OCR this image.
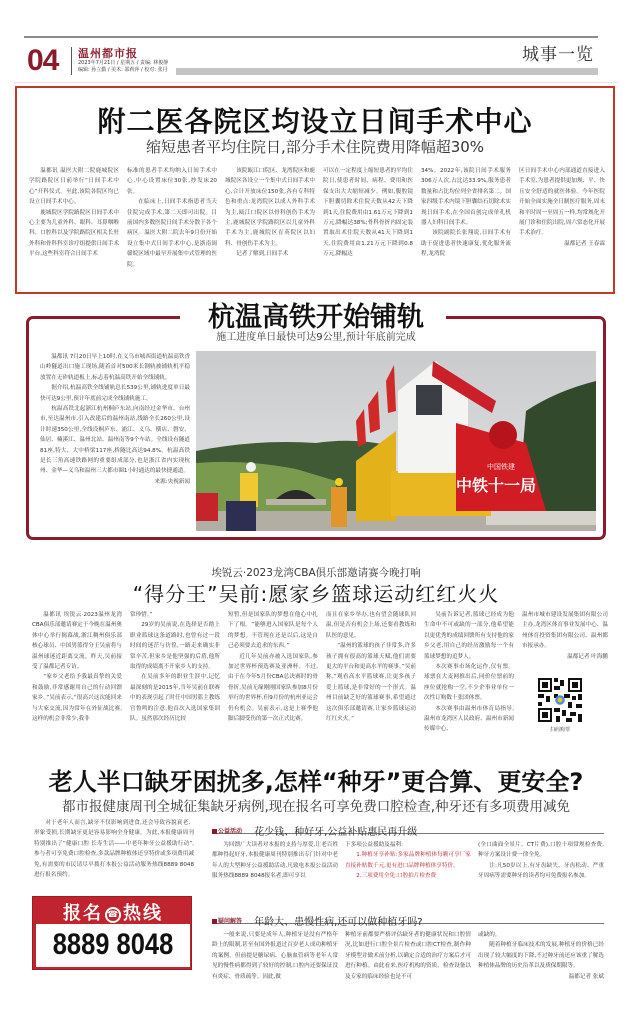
04 温州都市报
2023年7月21日 / 星期五 / 责编: 林俊静
编辑: 孙立勤 / 美术: 邵莉萍 / 校对: 张丹
城事一览
附二医各院区均设立日间手术中心
缩短患者平均住院日,部分手术住院费用降幅超30%

温都讯 温医大附二院鹿城院区学院路院区日前举行“日间手术中心”开科仪式。至此,该院各院区均已设立日间手术中心。

鹿城院区学院路院区日间手术中心主要为儿童外科、眼科、耳鼻咽喉科、口腔科以及学院路院区相关长驻外科和骨科科室诊疗组提供日间手术平台,这些科室符合日间手术

标准的患者手术均纳入日间手术中心,中心设置床位30张,抄发床20张。

在临床上,日间手术指患者当天住院完成手术,第二天即可出院。目前国内多数医院日间手术分散于各个病区。温医大附二院去年9月份开始设立集中式日间手术中心,是浙南闽赣皖区域中最早开展集中式管理的医院。

该院瓯江口院区、龙湾院区和鹿城院区各设立一个集中式日间手术中心,合计开放床位150张,各有专科特色和重点:龙湾院区以成人外科手术为主,瓯江口院区以骨科创伤手术为主,鹿城院区学院路院区以儿童外科手术为主,鹿城院区育英院区以妇科、骨创伤手术为主。

记者了解到,日间手术

可以在一定程度上缩短患者的平均住院日,使患者时间、病程、费用和医保支出大大缩短减少。例如,腹腔镜下胆囊切除术住院天数从42天下降到1天,住院费用由1.61万元下降到1万元,降幅达38%;骨科骨折内固定装置取出术住院天数从41天下降到1天,住院费用由1.21万元下降到0.8万元,降幅达

34%。2022年,该院日间手术服务306万人次,占比达33.9%,服务患者数量和占比均位列全省排名第二。国家四级手术内镜下胆囊结石切除术实现日间手术,在全国首创完成单孔机器人妇科日间手术。

该院副院长张翔说,日间手术有助于促进患者快速康复,优化服务流程,龙湾院

区日间手术中心内部通道直接进入手术室,为患者提供更加规、平、快且安全舒适的就医体验。今年医院开始全面实施全日制医疗服务,周末和平时周一至周五一样,均常规化开展门诊和住院出院,周六常态化开展手术治疗。

温都记者 王春霖

杭温高铁开始铺轨
施工进度单日最快可达9公里,预计年底前完成

温都讯 7月20日早上10时,在义乌市城西街道杭温高铁香山岭隧道出口施工现场,随着首对500米长钢轨被铺轨机平稳放置在无砟轨道板上,标志着杭温高铁开始全线铺轨。

据介绍,杭温高铁全线铺轨总长539公里,铺轨进度单日最快可达9公里,预计年底前完成全线铺轨施工。

杭温高铁北起浙江杭州桐庐东站,向南经过金华市、台州市,至达温州市,引入改建后的温州南站,线路全长260公里,设计时速350公里,全线设桐庐东、浦江、义乌、横店、磐安、仙居、楠溪江、温州北站、温州南等9个车站。全线设有隧道81座,特大、大中桥梁117座,桥隧比高达94.8%。杭温高铁是长三角高速铁路网的重要组成部分,也是浙江省内实现杭州、金华—义乌和温州三大都市圈1小时通达的最快捷通道。

来源:央视新闻	中铁十一局
中国铁建
埃锐云·2023龙湾CBA俱乐部邀请赛今晚打响
“得分王”吴前:愿家乡篮球运动红红火火

温都讯 埃锐云·2023温州龙湾CBA俱乐部邀请赛定于今晚在温州奥体中心举行揭幕战,浙江稠州俱乐部核心球员、中国男篮得分王吴前将与温州球迷近距离交流。昨天,吴前接受了温都记者专访。

“家乡父老给予我最真挚的关爱和鼓励,非常感谢用自己的行动回馈家乡。”吴前表示,“很高兴这次能回来与大家交流,因为常年在外征战比赛,这样的机会非常少,我非

常珍惜。”

29岁的吴前说,在选择是否踏上职业篮球这条道路时,也曾有过一段时间的迷茫与彷徨,一路走来确实非常辛苦,但家乡是他坚强的后盾,他所取得的成绩离不开家乡人的支持。

在吴前多年的职业生涯中,记忆最深刻的是2015年,当年吴前在联赛中的表现引起了时任中国男篮主教练宫鲁鸣的注意,他首次入选国家集训队。虽然那次经历比较

短暂,但是国家队的梦想在他心中扎下了根。“能够进入国家队是每个人的梦想。不管现在还是以后,这是自己必须要去追求的东西。”

近几年吴前亦被入选国家队,参加过世界杯预选赛及亚洲杯。不过,由于在今年5月份CBA总决赛时的骨骨折,吴前无缘刚刚国家队参加8月份举行的世界杯,但9月份的杭州亚运会仍有机会。吴前表示,这是上赛季他脚后脚受伤的第一次正式比赛。

而且在家乡举办,也有望会随球队回温,但是否有机会上场,还要看教练和队医的意见。

“温州的篮球的孩子非常多,许多孩子拥有很高的篮球天赋,他们需要更大的平台和更高水平的赛事。”吴前称,“观看高水平篮球赛,让更多孩子爱上篮球,是非常好的一个形式。温州目前缺乏好的篮球赛事,希望通过这次俱乐部邀请赛,让家乡篮球运动红红火火。”

吴前告诉记者,篮球已经成为他生命中不可或缺的一部分,他希望能以更优秀的成绩回馈所有支持他的家乡父老,用自己的经历激励每一个有篮球梦想的追梦人。

本次赛事市场化运作,仅有票。球票在大麦网推出后,同价位票前的座位就抢购一空,不少企事业单位一次性订购数十张团体票。

本次赛事由温州市体育局指导,温州市龙湾区人民政府、温州市新闻传媒中心、

温州市城市建设发展集团有限公司主办,龙湾区体育事业发展中心、温州体育投资集团有限公司、温州都市报承办。

温都记者 叶海鹏

扫码购票
老人半口缺牙困扰多,怎样“种牙”更合算、更安全?
都市报健康周刊全城征集缺牙病例,现在报名可享免费口腔检查,种牙还有多项费用减免

对于老年人而言,缺牙不仅影响到进食,还会导致容貌衰老、形象受损,长期缺牙更是容易影响全身健康。为此,本报健康周刊特别推出了“健康口腔 长寿生活——中老年种牙公益援助行动”,参与者可享免费口腔检查,多款品牌种植体还享特价或多项费用减免,有需要的市民请尽早拨打本报公益活动服务热线8889 8048进行报名预约。

报名 ☎ 热线
8889 8048
公益活动 花少钱、种好牙,公益补贴惠民再升级

为回馈广大读者对本报的支持与厚爱,让老百姓都种得起好牙,本报健康周刊特别推出专门针对中老年人的大型种牙公益援助活动,凡致电本报公益活动服务热线8889 8048报名者,即可享以

下多项公益援助及福利:

1.种植牙享补贴:多家品牌种植体每颗可享厂家直接补贴数千元,更有进口品牌种植体享特价。

2.三项费用全免:口腔拍片检查费

(全口曲面全景片、CT片费),口腔十项常规检查费,种牙方案设计费一律全免。

注:凡50岁以上,有牙齿缺失、牙齿松动、严重牙周病等需要种牙的读者均可免费报名参加。

疑问解答 年龄大、患慢性病,还可以做种植牙吗?

一般来说,只要是成年人,种植牙是没有严格年龄上的限制,甚至有国外报道过百岁老人成功种植牙的案例。但前提是糖尿病、心脑血管病等老年人常见的慢性病都得到了较好的控制,口腔内还要保证没有炎症、骨质疏等。因此,做

种植牙前都要严格评估缺牙者的健康状况和口腔情况,比如进行口腔全景片检查或口腔CT检查,制作种牙模型并做术前分析,以确定合适的治疗方案后才可进行种植。由此看来,医疗机构的资质、检查设备以及专家的临床经验也是不可

或缺的。

随着种植牙临床技术的发展,种植牙的价格已经出现了较大幅度的下降,不过种牙前还应该重了解选种植体品牌的历史沿革以及质保期限等。

温都记者 张斌
